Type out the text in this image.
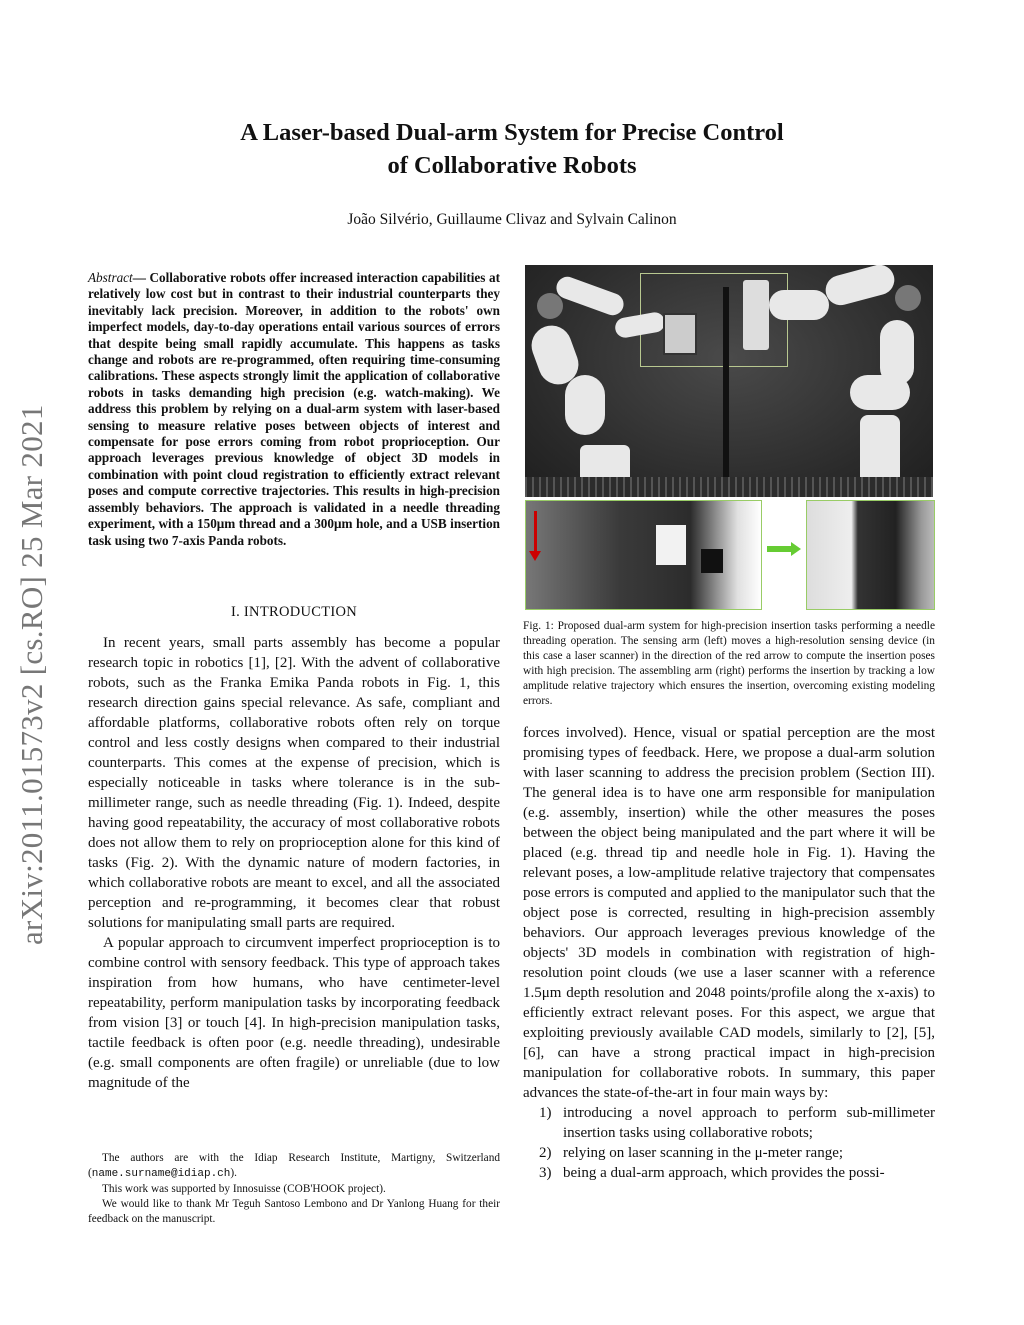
arXiv:2011.01573v2 [cs.RO] 25 Mar 2021
A Laser-based Dual-arm System for Precise Control
of Collaborative Robots
João Silvério, Guillaume Clivaz and Sylvain Calinon
Abstract— Collaborative robots offer increased interaction capabilities at relatively low cost but in contrast to their industrial counterparts they inevitably lack precision. Moreover, in addition to the robots' own imperfect models, day-to-day operations entail various sources of errors that despite being small rapidly accumulate. This happens as tasks change and robots are re-programmed, often requiring time-consuming calibrations. These aspects strongly limit the application of collaborative robots in tasks demanding high precision (e.g. watch-making). We address this problem by relying on a dual-arm system with laser-based sensing to measure relative poses between objects of interest and compensate for pose errors coming from robot proprioception. Our approach leverages previous knowledge of object 3D models in combination with point cloud registration to efficiently extract relevant poses and compute corrective trajectories. This results in high-precision assembly behaviors. The approach is validated in a needle threading experiment, with a 150μm thread and a 300μm hole, and a USB insertion task using two 7-axis Panda robots.
I. INTRODUCTION

In recent years, small parts assembly has become a popular research topic in robotics [1], [2]. With the advent of collaborative robots, such as the Franka Emika Panda robots in Fig. 1, this research direction gains special relevance. As safe, compliant and affordable platforms, collaborative robots often rely on torque control and less costly designs when compared to their industrial counterparts. This comes at the expense of precision, which is especially noticeable in tasks where tolerance is in the sub-millimeter range, such as needle threading (Fig. 1). Indeed, despite having good repeatability, the accuracy of most collaborative robots does not allow them to rely on proprioception alone for this kind of tasks (Fig. 2). With the dynamic nature of modern factories, in which collaborative robots are meant to excel, and all the associated perception and re-programming, it becomes clear that robust solutions for manipulating small parts are required.

A popular approach to circumvent imperfect proprioception is to combine control with sensory feedback. This type of approach takes inspiration from how humans, who have centimeter-level repeatability, perform manipulation tasks by incorporating feedback from vision [3] or touch [4]. In high-precision manipulation tasks, tactile feedback is often poor (e.g. needle threading), undesirable (e.g. small components are often fragile) or unreliable (due to low magnitude of the

The authors are with the Idiap Research Institute, Martigny, Switzerland (name.surname@idiap.ch).

This work was supported by Innosuisse (COB'HOOK project).

We would like to thank Mr Teguh Santoso Lembono and Dr Yanlong Huang for their feedback on the manuscript.

Fig. 1: Proposed dual-arm system for high-precision insertion tasks performing a needle threading operation. The sensing arm (left) moves a high-resolution sensing device (in this case a laser scanner) in the direction of the red arrow to compute the insertion poses with high precision. The assembling arm (right) performs the insertion by tracking a low amplitude relative trajectory which ensures the insertion, overcoming existing modeling errors.

forces involved). Hence, visual or spatial perception are the most promising types of feedback. Here, we propose a dual-arm solution with laser scanning to address the precision problem (Section III). The general idea is to have one arm responsible for manipulation (e.g. assembly, insertion) while the other measures the poses between the object being manipulated and the part where it will be placed (e.g. thread tip and needle hole in Fig. 1). Having the relevant poses, a low-amplitude relative trajectory that compensates pose errors is computed and applied to the manipulator such that the object pose is corrected, resulting in high-precision assembly behaviors. Our approach leverages previous knowledge of the objects' 3D models in combination with registration of high-resolution point clouds (we use a laser scanner with a reference 1.5μm depth resolution and 2048 points/profile along the x-axis) to efficiently extract relevant poses. For this aspect, we argue that exploiting previously available CAD models, similarly to [2], [5], [6], can have a strong practical impact in high-precision manipulation for collaborative robots. In summary, this paper advances the state-of-the-art in four main ways by:

1) introducing a novel approach to perform sub-millimeter insertion tasks using collaborative robots;
2) relying on laser scanning in the μ-meter range;
3) being a dual-arm approach, which provides the possi-
